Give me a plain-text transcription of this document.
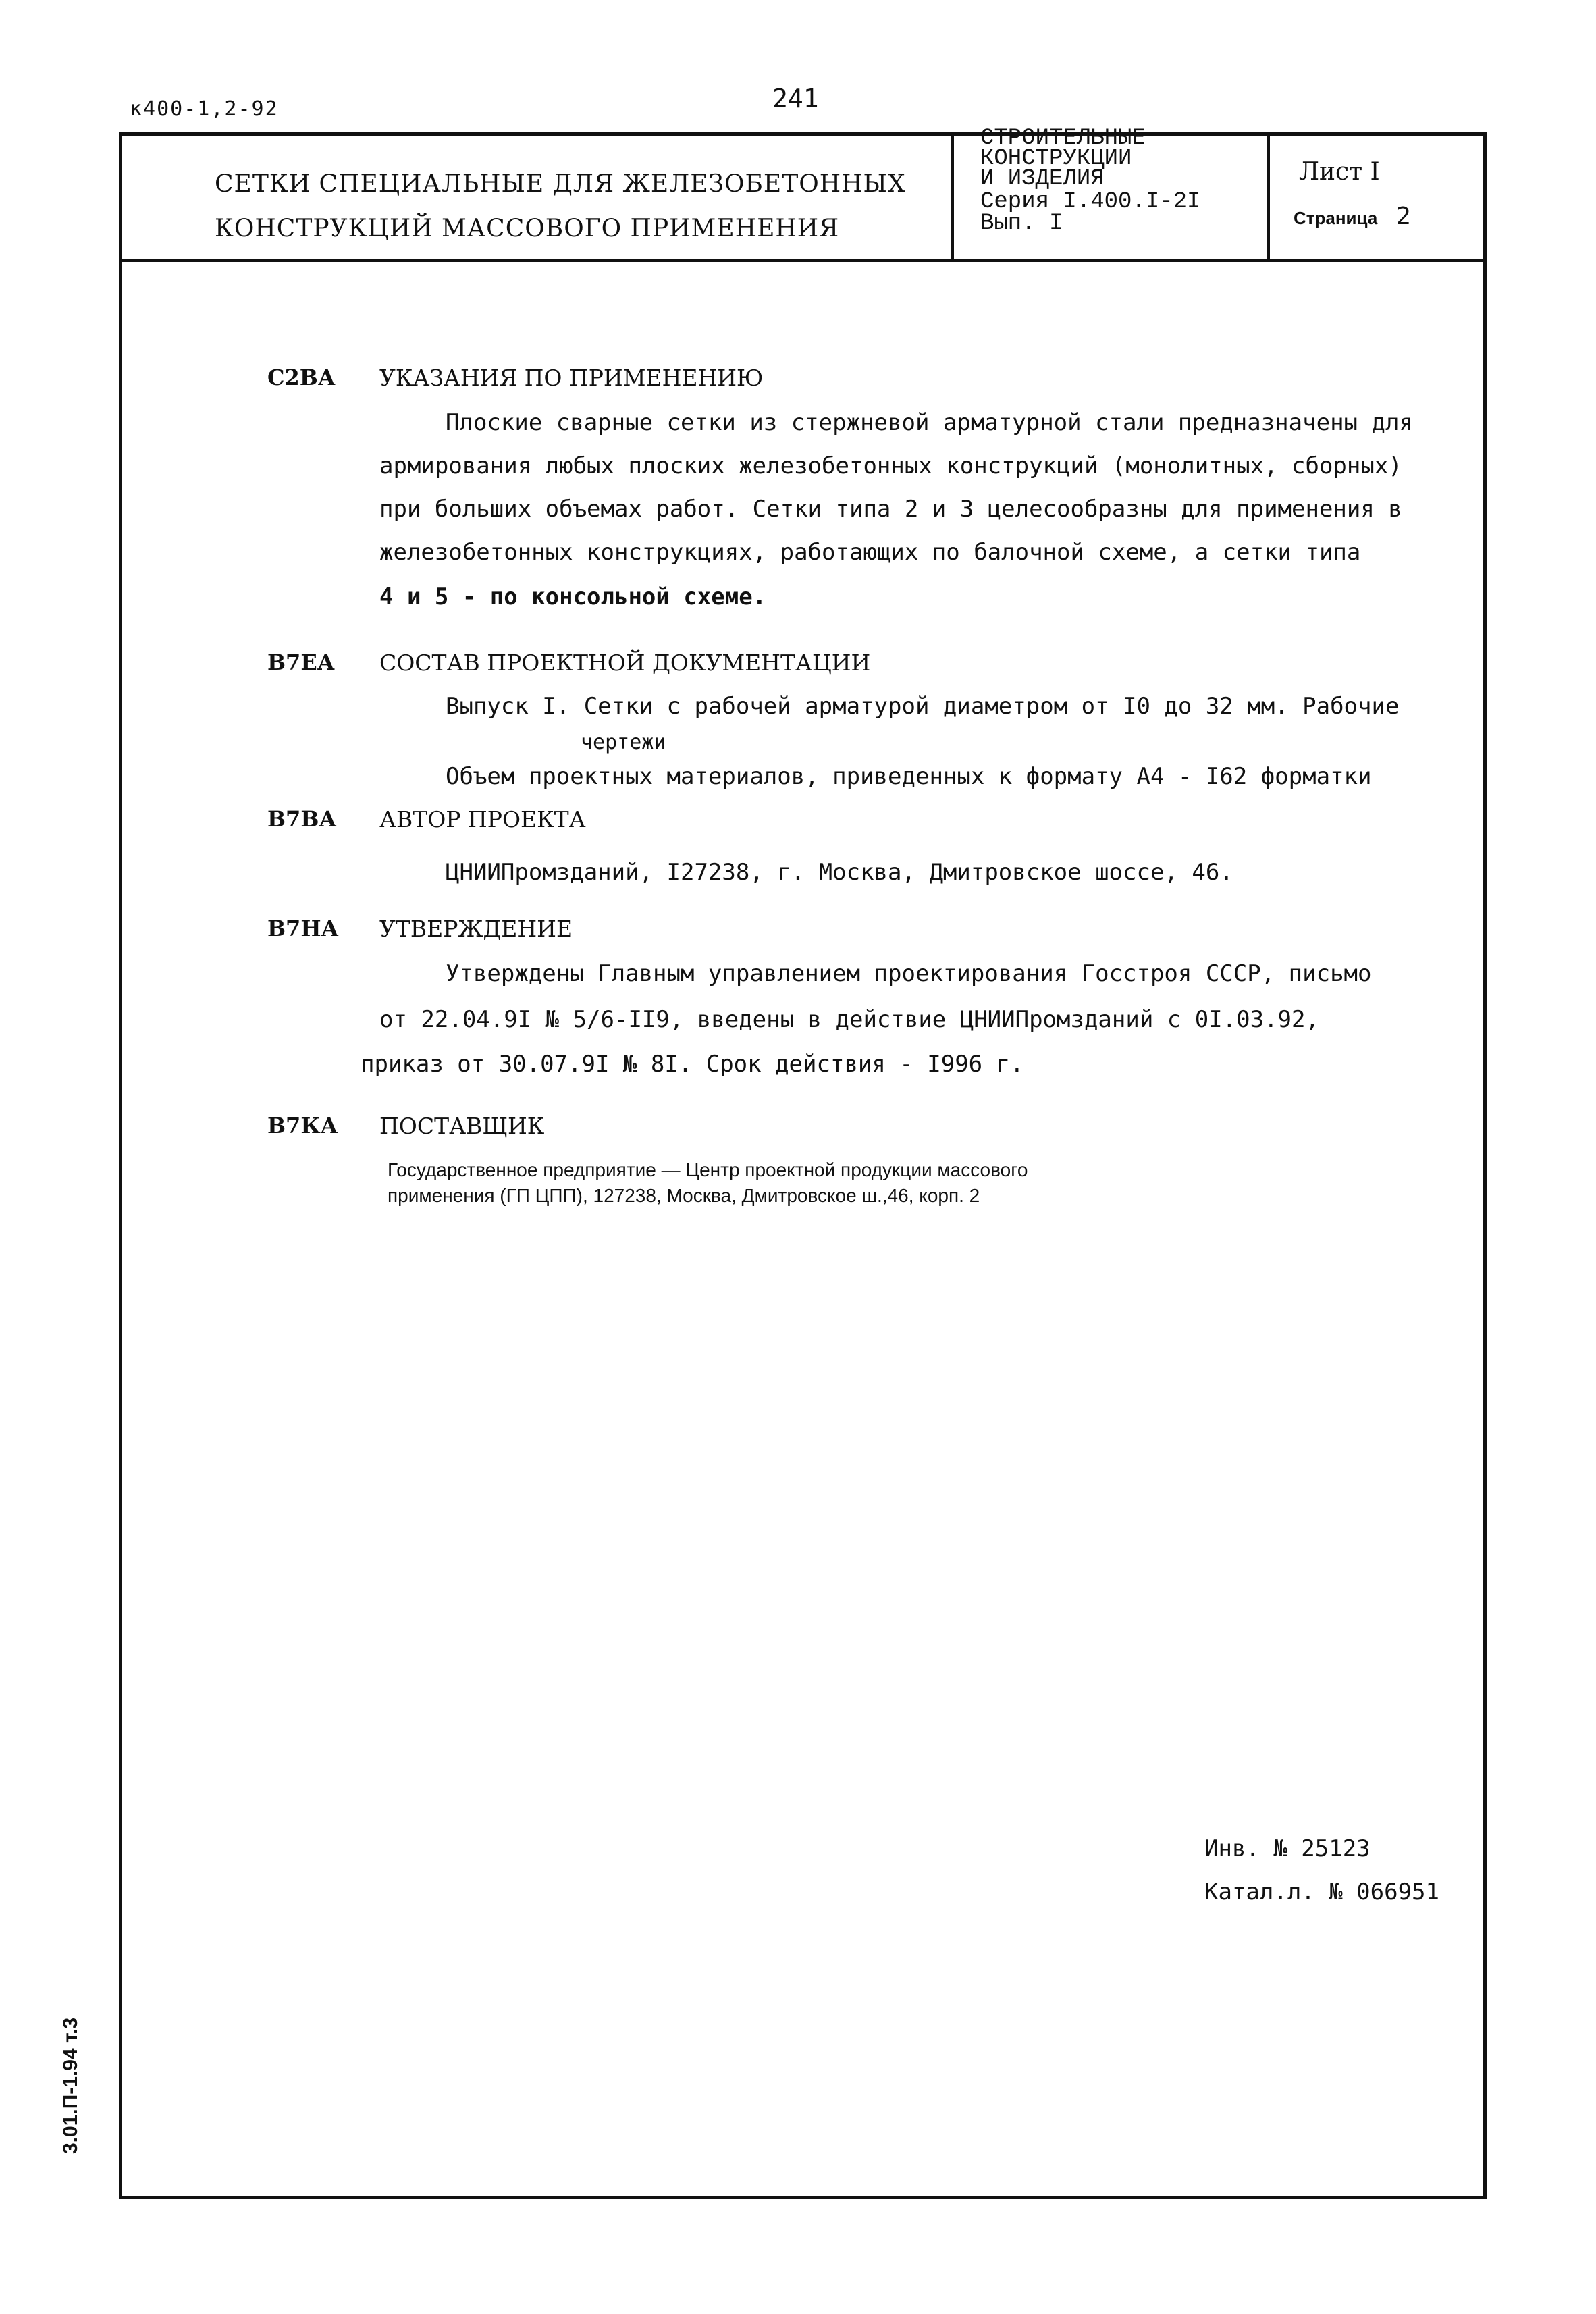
к400-1,2-92	241
СЕТКИ СПЕЦИАЛЬНЫЕ ДЛЯ ЖЕЛЕЗОБЕТОННЫХ
КОНСТРУКЦИЙ МАССОВОГО ПРИМЕНЕНИЯ
СТРОИТЕЛЬНЫЕ
КОНСТРУКЦИИ
И ИЗДЕЛИЯ
Серия I.400.I-2I
Вып. I
Лист I
Страница 2
С2ВА УКАЗАНИЯ ПО ПРИМЕНЕНИЮ
Плоские сварные сетки из стержневой арматурной стали предназначены для
армирования любых плоских железобетонных конструкций (монолитных, сборных)
при больших объемах работ. Сетки типа 2 и 3 целесообразны для применения в
железобетонных конструкциях, работающих по балочной схеме, а сетки типа
4 и 5 - по консольной схеме.
В7ЕА СОСТАВ ПРОЕКТНОЙ ДОКУМЕНТАЦИИ
Выпуск I. Сетки с рабочей арматурой диаметром от I0 до 32 мм. Рабочие
чертежи
Объем проектных материалов, приведенных к формату А4 - I62 форматки
В7ВА АВТОР ПРОЕКТА
ЦНИИПромзданий, I27238, г. Москва, Дмитровское шоссе, 46.
В7НА УТВЕРЖДЕНИЕ
Утверждены Главным управлением проектирования Госстроя СССР, письмо
от 22.04.9I № 5/6-II9, введены в действие ЦНИИПромзданий с 0I.03.92,
приказ от 30.07.9I № 8I. Срок действия - I996 г.
В7КА ПОСТАВЩИК
Государственное предприятие — Центр проектной продукции массового
применения (ГП ЦПП), 127238, Москва, Дмитровское ш.,46, корп. 2
Инв. № 25123
Катал.л. № 066951
3.01.П-1.94 т.3
